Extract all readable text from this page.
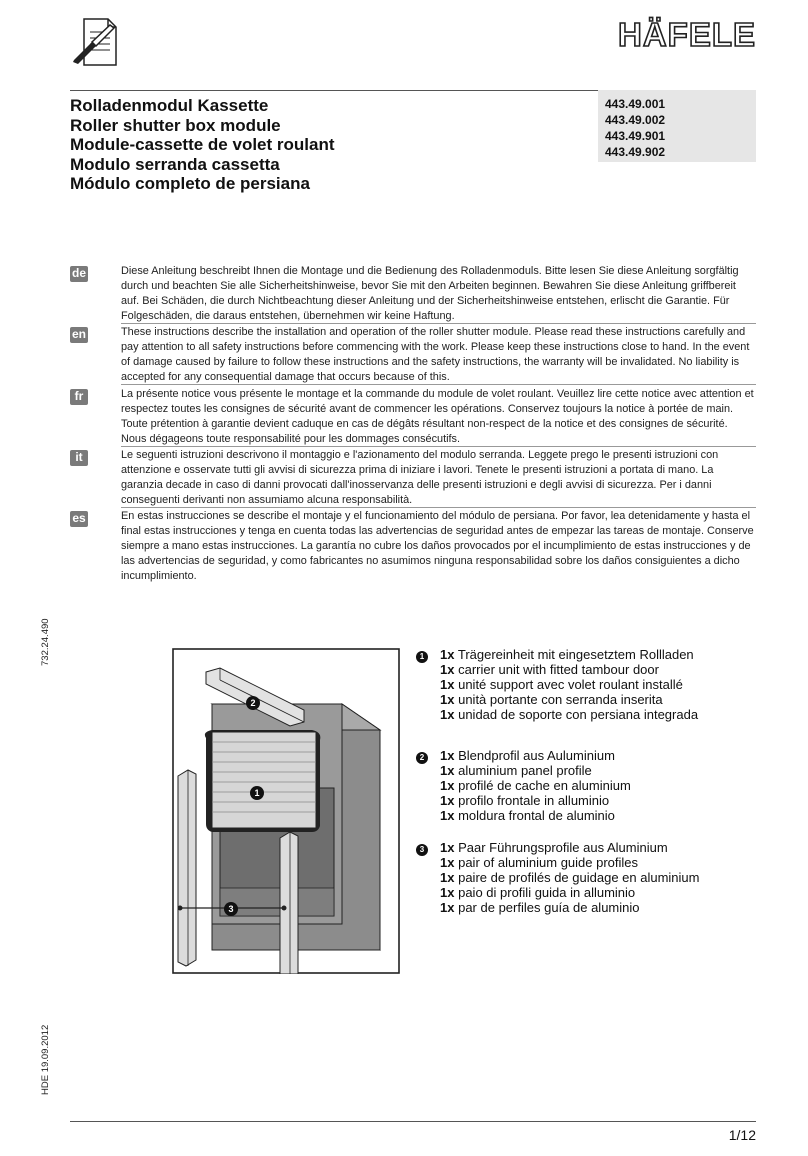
HÄFELE
Rolladenmodul Kassette
Roller shutter box module
Module-cassette de volet roulant
Modulo serranda cassetta
Módulo completo de persiana
443.49.001
443.49.002
443.49.901
443.49.902
de	Diese Anleitung beschreibt Ihnen die Montage und die Bedienung des Rolladenmoduls. Bitte lesen Sie diese Anleitung sorgfältig durch und beachten Sie alle Sicherheitshinweise, bevor Sie mit den Arbeiten beginnen. Bewahren Sie diese Anleitung griffbereit auf. Bei Schäden, die durch Nichtbeachtung dieser Anleitung und der Sicherheitshinweise entstehen, erlischt die Garantie. Für Folgeschäden, die daraus entstehen, übernehmen wir keine Haftung.
en	These instructions describe the installation and operation of the roller shutter module. Please read these instructions carefully and pay attention to all safety instructions before commencing with the work. Please keep these instructions close to hand. In the event of damage caused by failure to follow these instructions and the safety instructions, the warranty will be invalidated. No liability is accepted for any consequential damage that occurs because of this.
fr	La présente notice vous présente le montage et la commande du module de volet roulant. Veuillez lire cette notice avec attention et respectez toutes les consignes de sécurité avant de commencer les opérations. Conservez toujours la notice à portée de main. Toute prétention à garantie devient caduque en cas de dégâts résultant non-respect de la notice et des consignes de sécurité. Nous dégageons toute responsabilité pour les dommages consécutifs.
it	Le seguenti istruzioni descrivono il montaggio e l'azionamento del modulo serranda. Leggete prego le presenti istruzioni con attenzione e osservate tutti gli avvisi di sicurezza prima di iniziare i lavori. Tenete le presenti istruzioni a portata di mano. La garanzia decade in caso di danni provocati dall'inosservanza delle presenti istruzioni e degli avvisi di sicurezza. Per i danni conseguenti derivanti non assumiamo alcuna responsabilità.
es	En estas instrucciones se describe el montaje y el funcionamiento del módulo de persiana. Por favor, lea detenidamente y hasta el final estas instrucciones y tenga en cuenta todas las advertencias de seguridad antes de empezar las tareas de montaje. Conserve siempre a mano estas instrucciones. La garantía no cubre los daños provocados por el incumplimiento de estas instrucciones y de las advertencias de seguridad, y como fabricantes no asumimos ninguna responsabilidad sobre los daños consiguientes a dicho incumplimiento.
732.24.490
HDE 19.09.2012
1
2
3
1 1x Trägereinheit mit eingesetztem Rollladen
1x carrier unit with fitted tambour door
1x unité support avec volet roulant installé
1x unità portante con serranda inserita
1x unidad de soporte con persiana integrada
2 1x Blendprofil aus Auluminium
1x aluminium panel profile
1x profilé de cache en aluminium
1x profilo frontale in alluminio
1x moldura frontal de aluminio
3 1x Paar Führungsprofile aus Aluminium
1x pair of aluminium guide profiles
1x paire de profilés de guidage en aluminium
1x paio di profili guida in alluminio
1x par de perfiles guía de aluminio
1/12
